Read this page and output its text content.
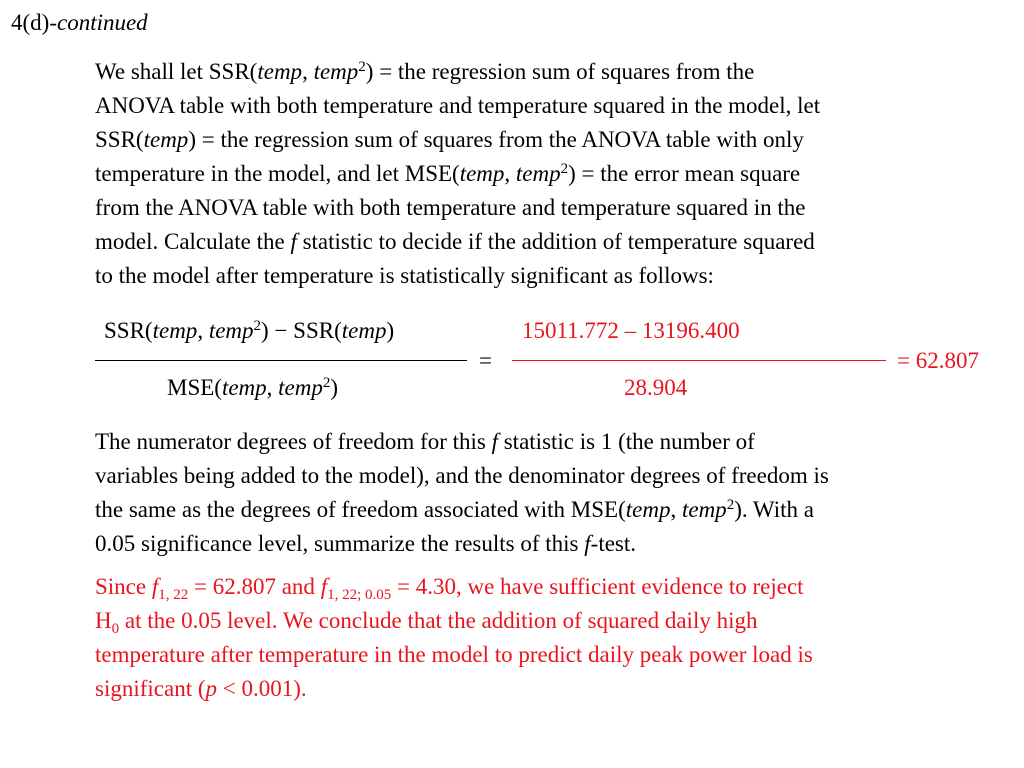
4(d)-continued
We shall let SSR(temp, temp$^2$) = the regression sum of squares from the
ANOVA table with both temperature and temperature squared in the model, let
SSR(temp) = the regression sum of squares from the ANOVA table with only
temperature in the model, and let MSE(temp, temp$^2$) = the error mean square
from the ANOVA table with both temperature and temperature squared in the
model. Calculate the f statistic to decide if the addition of temperature squared
to the model after temperature is statistically significant as follows:
SSR(temp, temp$^2$) − SSR(temp)
MSE(temp, temp$^2$)
=
15011.772 – 13196.400
28.904
= 62.807
The numerator degrees of freedom for this f statistic is 1 (the number of
variables being added to the model), and the denominator degrees of freedom is
the same as the degrees of freedom associated with MSE(temp, temp$^2$). With a
0.05 significance level, summarize the results of this f-test.
Since $f_{1, 22} = 62.807$ and $f_{1, 22; 0.05} = 4.30$, we have sufficient evidence to reject
$H_0$ at the 0.05 level. We conclude that the addition of squared daily high
temperature after temperature in the model to predict daily peak power load is
significant (p < 0.001).
